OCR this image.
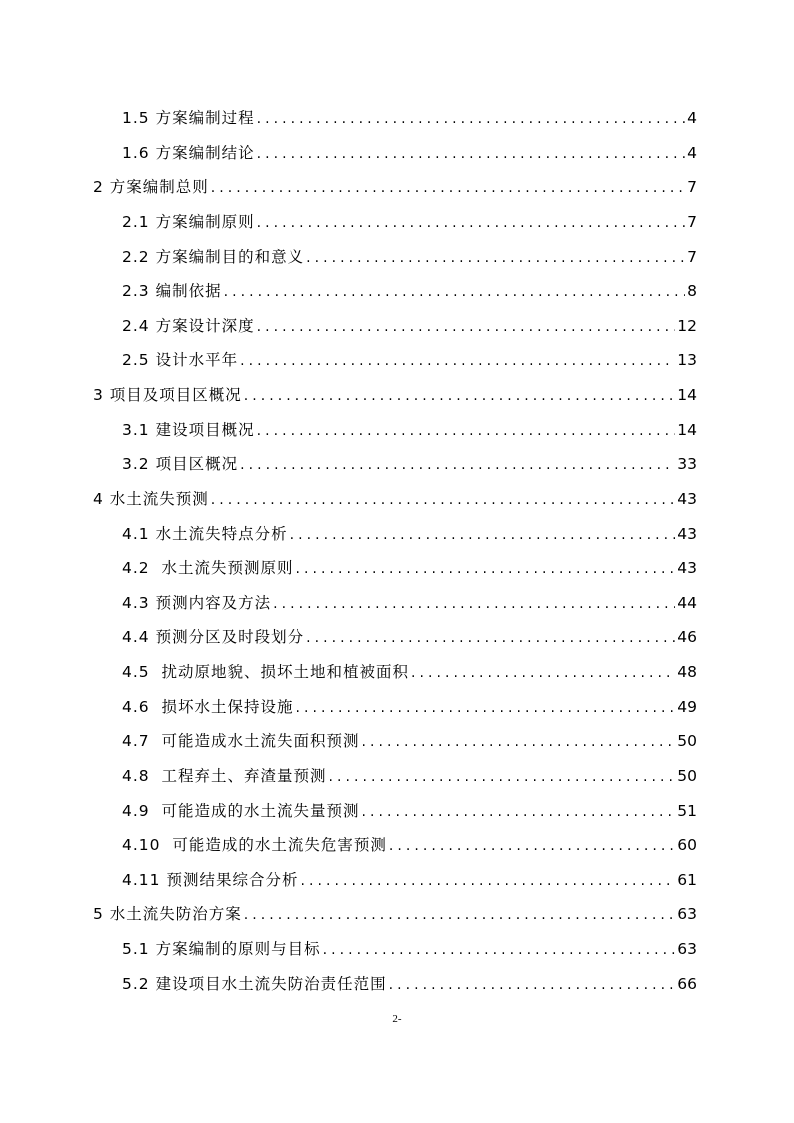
1.5 方案编制过程 . . .	4
1.6 方案编制结论 . . .	4
2 方案编制总则 . . .	7
2.1 方案编制原则 . . .	7
2.2 方案编制目的和意义 . . .	7
2.3 编制依据 . . .	8
2.4 方案设计深度 . . .	12
2.5 设计水平年 . . .	13
3 项目及项目区概况 . . .	14
3.1 建设项目概况 . . .	14
3.2 项目区概况 . . .	33
4 水土流失预测 . . .	43
4.1 水土流失特点分析 . . .	43
4.2  水土流失预测原则 . . .	43
4.3 预测内容及方法 . . .	44
4.4 预测分区及时段划分 . . .	46
4.5  扰动原地貌、损坏土地和植被面积 . . .	48
4.6  损坏水土保持设施 . . .	49
4.7  可能造成水土流失面积预测 . . .	50
4.8  工程弃土、弃渣量预测 . . .	50
4.9  可能造成的水土流失量预测 . . .	51
4.10  可能造成的水土流失危害预测 . . .	60
4.11 预测结果综合分析 . . .	61
5 水土流失防治方案 . . .	63
5.1 方案编制的原则与目标 . . .	63
5.2 建设项目水土流失防治责任范围 . . .	66
2-
